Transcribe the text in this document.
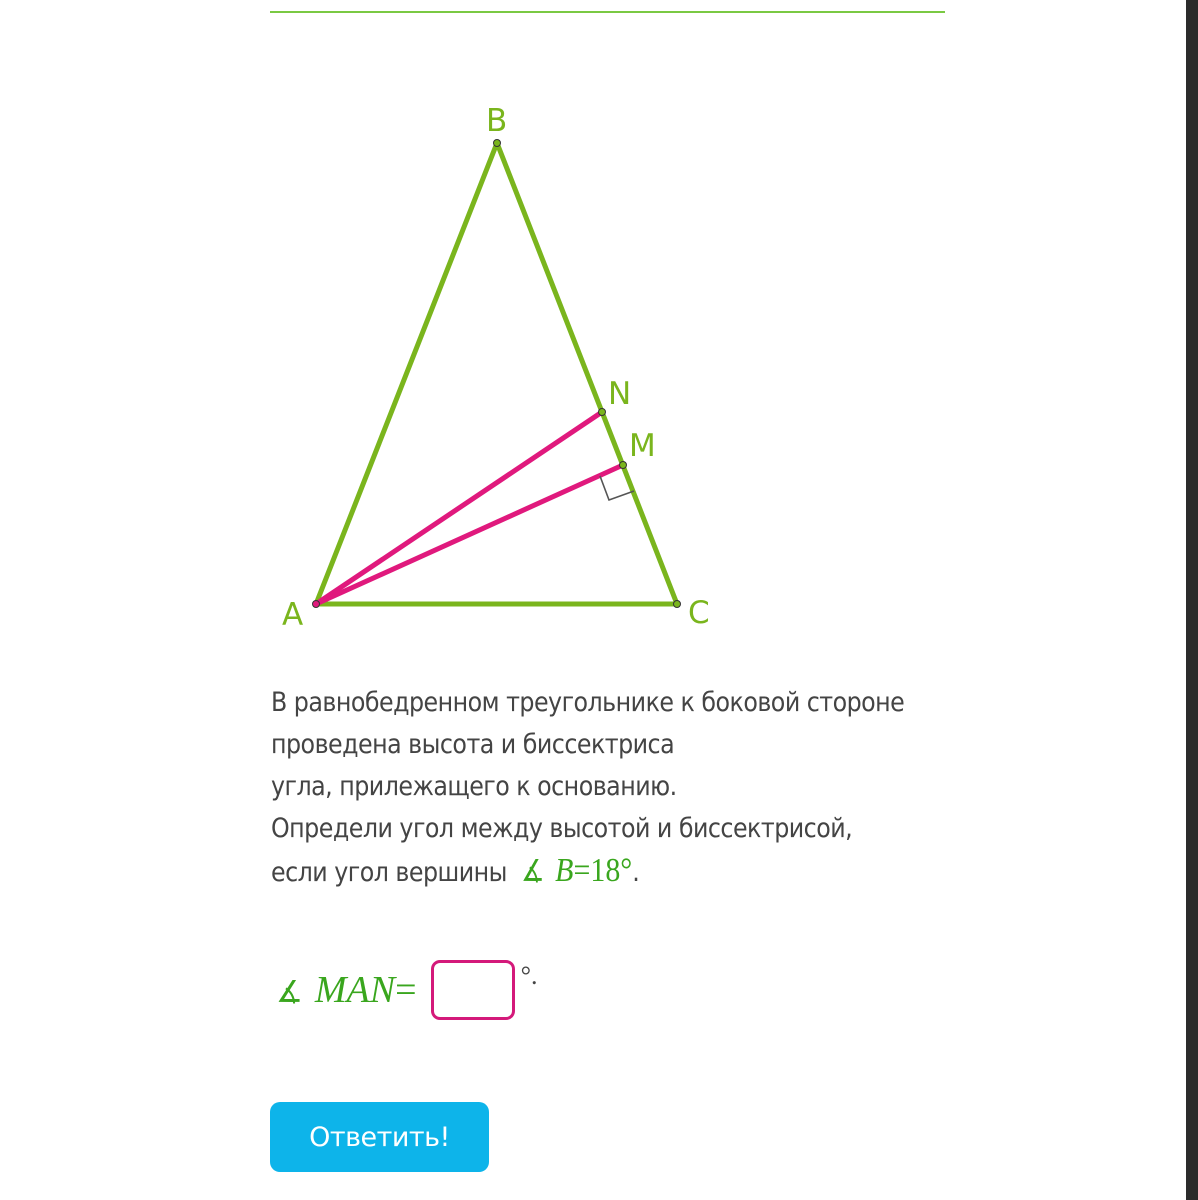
B
N
M
A	C
В равнобедренном треугольнике к боковой стороне
проведена высота и биссектриса
угла, прилежащего к основанию.
Определи угол между высотой и биссектрисой,
если угол вершины ∡ B=18°.
∡ MAN=	°.
Ответить!
